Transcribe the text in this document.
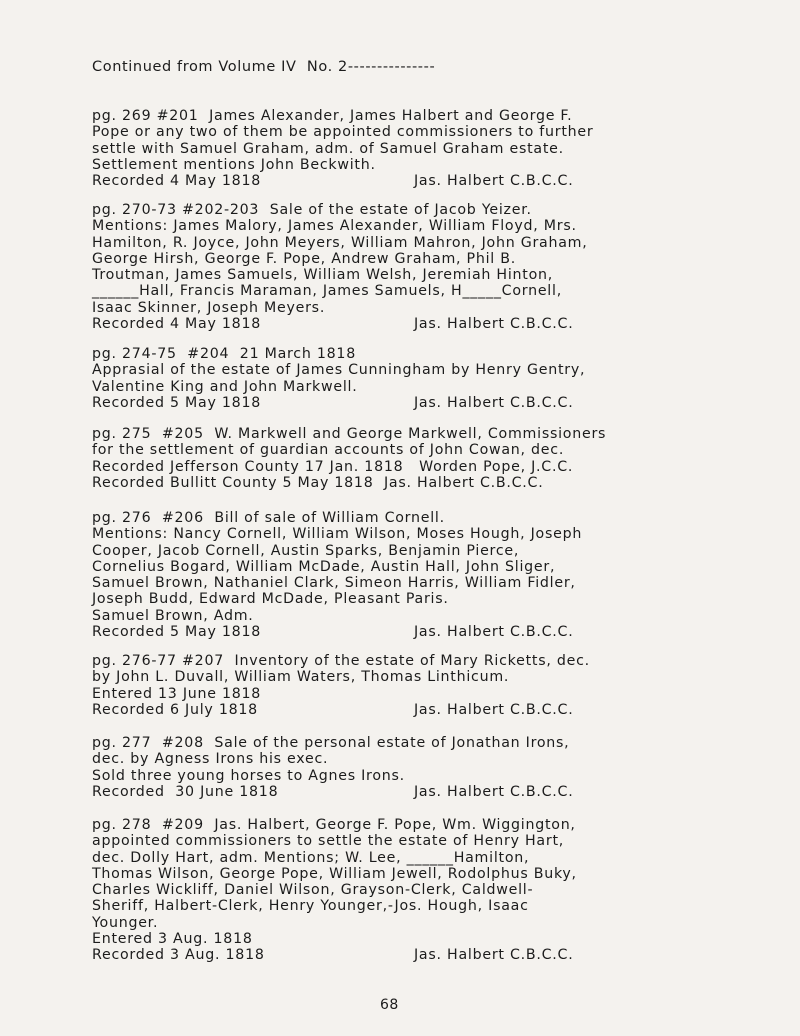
Continued from Volume IV  No. 2---------------
pg. 269 #201  James Alexander, James Halbert and George F.
Pope or any two of them be appointed commissioners to further
settle with Samuel Graham, adm. of Samuel Graham estate.
Settlement mentions John Beckwith.
Recorded 4 May 1818	Jas. Halbert C.B.C.C.
pg. 270-73 #202-203  Sale of the estate of Jacob Yeizer.
Mentions: James Malory, James Alexander, William Floyd, Mrs.
Hamilton, R. Joyce, John Meyers, William Mahron, John Graham,
George Hirsh, George F. Pope, Andrew Graham, Phil B.
Troutman, James Samuels, William Welsh, Jeremiah Hinton,
______Hall, Francis Maraman, James Samuels, H_____Cornell,
Isaac Skinner, Joseph Meyers.
Recorded 4 May 1818	Jas. Halbert C.B.C.C.
pg. 274-75  #204  21 March 1818
Apprasial of the estate of James Cunningham by Henry Gentry,
Valentine King and John Markwell.
Recorded 5 May 1818	Jas. Halbert C.B.C.C.
pg. 275  #205  W. Markwell and George Markwell, Commissioners
for the settlement of guardian accounts of John Cowan, dec.
Recorded Jefferson County 17 Jan. 1818   Worden Pope, J.C.C.
Recorded Bullitt County 5 May 1818  Jas. Halbert C.B.C.C.
pg. 276  #206  Bill of sale of William Cornell.
Mentions: Nancy Cornell, William Wilson, Moses Hough, Joseph
Cooper, Jacob Cornell, Austin Sparks, Benjamin Pierce,
Cornelius Bogard, William McDade, Austin Hall, John Sliger,
Samuel Brown, Nathaniel Clark, Simeon Harris, William Fidler,
Joseph Budd, Edward McDade, Pleasant Paris.
Samuel Brown, Adm.
Recorded 5 May 1818	Jas. Halbert C.B.C.C.
pg. 276-77 #207  Inventory of the estate of Mary Ricketts, dec.
by John L. Duvall, William Waters, Thomas Linthicum.
Entered 13 June 1818
Recorded 6 July 1818	Jas. Halbert C.B.C.C.
pg. 277  #208  Sale of the personal estate of Jonathan Irons,
dec. by Agness Irons his exec.
Sold three young horses to Agnes Irons.
Recorded  30 June 1818	Jas. Halbert C.B.C.C.
pg. 278  #209  Jas. Halbert, George F. Pope, Wm. Wiggington,
appointed commissioners to settle the estate of Henry Hart,
dec. Dolly Hart, adm. Mentions; W. Lee, ______Hamilton,
Thomas Wilson, George Pope, William Jewell, Rodolphus Buky,
Charles Wickliff, Daniel Wilson, Grayson-Clerk, Caldwell-
Sheriff, Halbert-Clerk, Henry Younger,-Jos. Hough, Isaac
Younger.
Entered 3 Aug. 1818
Recorded 3 Aug. 1818	Jas. Halbert C.B.C.C.
68
